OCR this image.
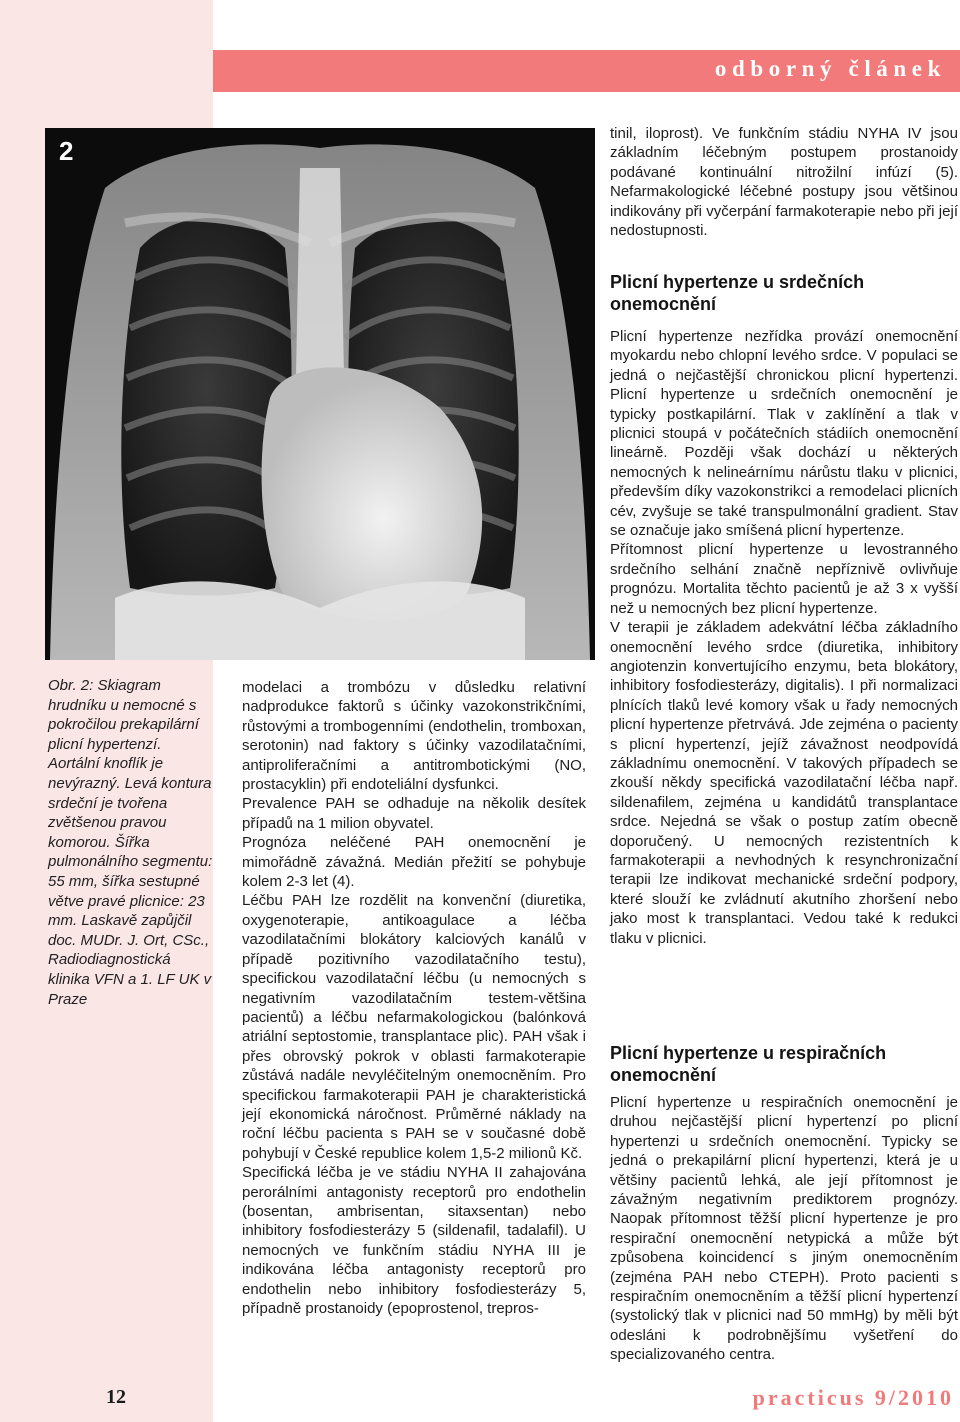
odborný článek
2

Obr. 2: Skiagram hrudníku u nemocné s pokročilou prekapilární plicní hypertenzí. Aortální knoflík je nevýrazný. Levá kontura srdeční je tvořena zvětšenou pravou komorou. Šířka pulmonálního segmentu: 55 mm, šířka sestupné větve pravé plicnice: 23 mm. Laskavě zapůjčil doc. MUDr. J. Ort, CSc., Radiodiagnostická klinika VFN a 1. LF UK v Praze

modelaci a trombózu v důsledku relativní nadprodukce faktorů s účinky vazokonstrikčními, růstovými a trombogenními (endothelin, tromboxan, serotonin) nad faktory s účinky vazodilatačními, antiproliferačními a antitrombotickými (NO, prostacyklin) při endoteliální dysfunkci.

Prevalence PAH se odhaduje na několik desítek případů na 1 milion obyvatel.

Prognóza neléčené PAH onemocnění je mimořádně závažná. Medián přežití se pohybuje kolem 2-3 let (4).

Léčbu PAH lze rozdělit na konvenční (diuretika, oxygenoterapie, antikoagulace a léčba vazodilatačními blokátory kalciových kanálů v případě pozitivního vazodilatačního testu), specifickou vazodilatační léčbu (u nemocných s negativním vazodilatačním testem-většina pacientů) a léčbu nefarmakologickou (balónková atriální septostomie, transplantace plic). PAH však i přes obrovský pokrok v oblasti farmakoterapie zůstává nadále nevyléčitelným onemocněním. Pro specifickou farmakoterapii PAH je charakteristická její ekonomická náročnost. Průměrné náklady na roční léčbu pacienta s PAH se v současné době pohybují v České republice kolem 1,5-2 milionů Kč.

Specifická léčba je ve stádiu NYHA II zahajována perorálními antagonisty receptorů pro endothelin (bosentan, ambrisentan, sitaxsentan) nebo inhibitory fosfodiesterázy 5 (sildenafil, tadalafil). U nemocných ve funkčním stádiu NYHA III je indikována léčba antagonisty receptorů pro endothelin nebo inhibitory fosfodiesterázy 5, případně prostanoidy (epoprostenol, trepros-

tinil, iloprost). Ve funkčním stádiu NYHA IV jsou základním léčebným postupem prostanoidy podávané kontinuální nitrožilní infúzí (5). Nefarmakologické léčebné postupy jsou většinou indikovány při vyčerpání farmakoterapie nebo při její nedostupnosti.

Plicní hypertenze u srdečních onemocnění

Plicní hypertenze nezřídka provází onemocnění myokardu nebo chlopní levého srdce. V populaci se jedná o nejčastější chronickou plicní hypertenzi. Plicní hypertenze u srdečních onemocnění je typicky postkapilární. Tlak v zaklínění a tlak v plicnici stoupá v počátečních stádiích onemocnění lineárně. Později však dochází u některých nemocných k nelineárnímu nárůstu tlaku v plicnici, především díky vazokonstrikci a remodelaci plicních cév, zvyšuje se také transpulmonální gradient. Stav se označuje jako smíšená plicní hypertenze.

Přítomnost plicní hypertenze u levostranného srdečního selhání značně nepříznivě ovlivňuje prognózu. Mortalita těchto pacientů je až 3 x vyšší než u nemocných bez plicní hypertenze.

V terapii je základem adekvátní léčba základního onemocnění levého srdce (diuretika, inhibitory angiotenzin konvertujícího enzymu, beta blokátory, inhibitory fosfodiesterázy, digitalis). I při normalizaci plnících tlaků levé komory však u řady nemocných plicní hypertenze přetrvává. Jde zejména o pacienty s plicní hypertenzí, jejíž závažnost neodpovídá základnímu onemocnění. V takových případech se zkouší někdy specifická vazodilatační léčba např. sildenafilem, zejména u kandidátů transplantace srdce. Nejedná se však o postup zatím obecně doporučený. U nemocných rezistentních k farmakoterapii a nevhodných k resynchronizační terapii lze indikovat mechanické srdeční podpory, které slouží ke zvládnutí akutního zhoršení nebo jako most k transplantaci. Vedou také k redukci tlaku v plicnici.

Plicní hypertenze u respiračních onemocnění

Plicní hypertenze u respiračních onemocnění je druhou nejčastější plicní hypertenzí po plicní hypertenzi u srdečních onemocnění. Typicky se jedná o prekapilární plicní hypertenzi, která je u většiny pacientů lehká, ale její přítomnost je závažným negativním prediktorem prognózy. Naopak přítomnost těžší plicní hypertenze je pro respirační onemocnění netypická a může být způsobena koincidencí s jiným onemocněním (zejména PAH nebo CTEPH). Proto pacienti s respiračním onemocněním a těžší plicní hypertenzí (systolický tlak v plicnici nad 50 mmHg) by měli být odesláni k podrobnějšímu vyšetření do specializovaného centra.

12	practicus 9/2010
